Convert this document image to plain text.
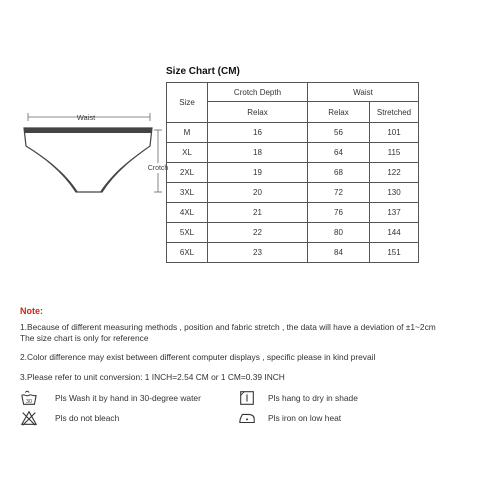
Waist
Crotch
Size Chart (CM)
Size	Crotch Depth	Waist	
	Relax	Relax	Stretched
M	16	56	101
XL	18	64	115
2XL	19	68	122
3XL	20	72	130
4XL	21	76	137
5XL	22	80	144
6XL	23	84	151
Note:
1.Because of different measuring methods , position and fabric stretch , the data will have a deviation of ±1~2cm
The size chart is only for reference
2.Color difference may exist between different computer displays , specific please in kind prevail
3.Please refer to unit conversion: 1 INCH=2.54 CM or 1 CM=0.39 INCH
30	Pls Wash it by hand in 30-degree water	Pls hang to dry in shade
Pls do not bleach	Pls iron on low heat
